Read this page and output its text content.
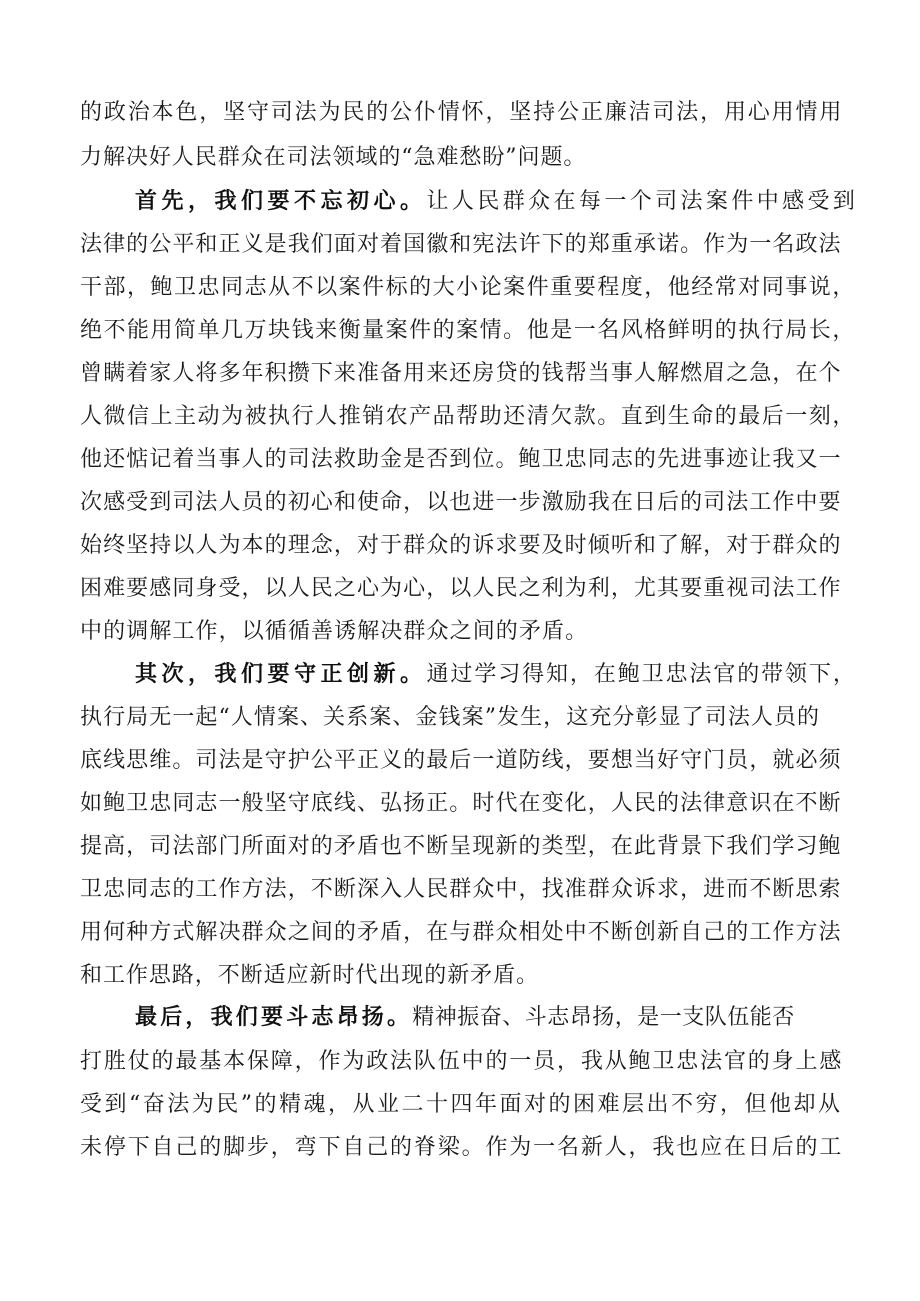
的政治本色，坚守司法为民的公仆情怀，坚持公正廉洁司法，用心用情用
力解决好人民群众在司法领域的“急难愁盼”问题。
首先，我们要不忘初心。让人民群众在每一个司法案件中感受到
法律的公平和正义是我们面对着国徽和宪法许下的郑重承诺。作为一名政法
干部，鲍卫忠同志从不以案件标的大小论案件重要程度，他经常对同事说，
绝不能用简单几万块钱来衡量案件的案情。他是一名风格鲜明的执行局长，
曾瞒着家人将多年积攒下来准备用来还房贷的钱帮当事人解燃眉之急，在个
人微信上主动为被执行人推销农产品帮助还清欠款。直到生命的最后一刻，
他还惦记着当事人的司法救助金是否到位。鲍卫忠同志的先进事迹让我又一
次感受到司法人员的初心和使命，以也进一步激励我在日后的司法工作中要
始终坚持以人为本的理念，对于群众的诉求要及时倾听和了解，对于群众的
困难要感同身受，以人民之心为心，以人民之利为利，尤其要重视司法工作
中的调解工作，以循循善诱解决群众之间的矛盾。
其次，我们要守正创新。通过学习得知，在鲍卫忠法官的带领下，
执行局无一起“人情案、关系案、金钱案”发生，这充分彰显了司法人员的
底线思维。司法是守护公平正义的最后一道防线，要想当好守门员，就必须
如鲍卫忠同志一般坚守底线、弘扬正。时代在变化，人民的法律意识在不断
提高，司法部门所面对的矛盾也不断呈现新的类型，在此背景下我们学习鲍
卫忠同志的工作方法，不断深入人民群众中，找准群众诉求，进而不断思索
用何种方式解决群众之间的矛盾，在与群众相处中不断创新自己的工作方法
和工作思路，不断适应新时代出现的新矛盾。
最后，我们要斗志昂扬。精神振奋、斗志昂扬，是一支队伍能否
打胜仗的最基本保障，作为政法队伍中的一员，我从鲍卫忠法官的身上感
受到“奋法为民”的精魂，从业二十四年面对的困难层出不穷，但他却从
未停下自己的脚步，弯下自己的脊梁。作为一名新人，我也应在日后的工
